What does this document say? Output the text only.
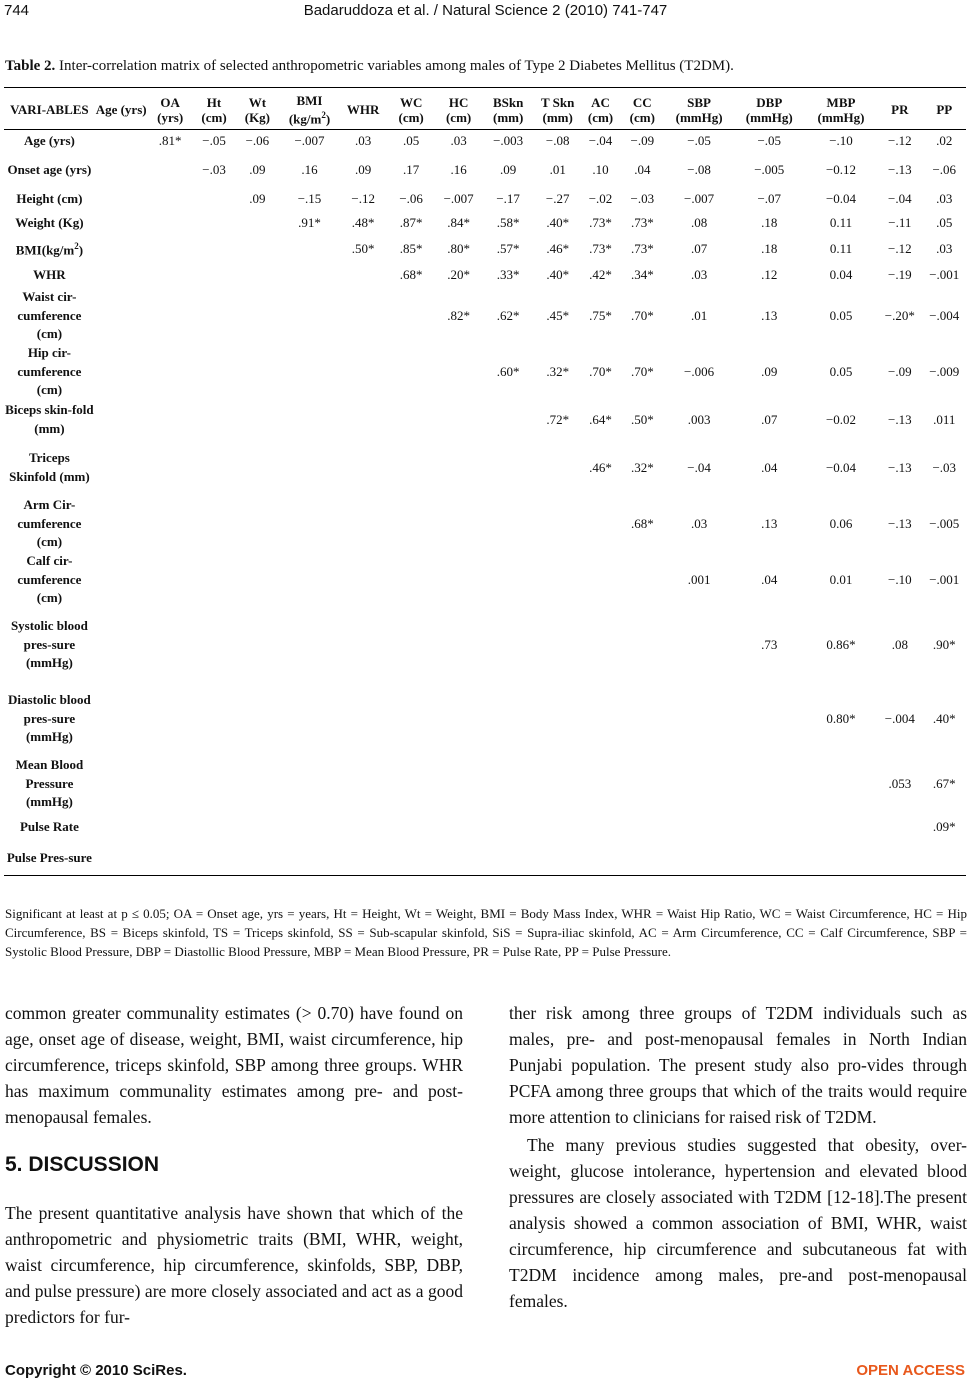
744	Badaruddoza et al. / Natural Science 2 (2010) 741-747
Table 2. Inter-correlation matrix of selected anthropometric variables among males of Type 2 Diabetes Mellitus (T2DM).
VARI-ABLES	Age (yrs)	OA (yrs)	Ht (cm)	Wt (Kg)	BMI $(kg/m^2)$	WHR	WC (cm)	HC (cm)	BSkn (mm)	T Skn (mm)	AC (cm)	CC (cm)	SBP (mmHg)	DBP (mmHg)	MBP (mmHg)	PR	PP
Age (yrs)		.81*	−.05	−.06	−.007	.03	.05	.03	−.003	−.08	−.04	−.09	−.05	−.05	−.10	−.12	.02
Onset age (yrs)			−.03	.09	.16	.09	.17	.16	.09	.01	.10	.04	−.08	−.005	−0.12	−.13	−.06
Height (cm)				.09	−.15	−.12	−.06	−.007	−.17	−.27	−.02	−.03	−.007	−.07	−0.04	−.04	.03
Weight (Kg)					.91*	.48*	.87*	.84*	.58*	.40*	.73*	.73*	.08	.18	0.11	−.11	.05
$BMI(kg/m^2)$						.50*	.85*	.80*	.57*	.46*	.73*	.73*	.07	.18	0.11	−.12	.03
WHR							.68*	.20*	.33*	.40*	.42*	.34*	.03	.12	0.04	−.19	−.001
Waist cir-cumference (cm)								.82*	.62*	.45*	.75*	.70*	.01	.13	0.05	−.20*	−.004
Hip cir-cumference (cm)									.60*	.32*	.70*	.70*	−.006	.09	0.05	−.09	−.009
Biceps skin-fold (mm)										.72*	.64*	.50*	.003	.07	−0.02	−.13	.011
Triceps Skinfold (mm)											.46*	.32*	−.04	.04	−0.04	−.13	−.03
Arm Cir-cumference (cm)												.68*	.03	.13	0.06	−.13	−.005
Calf cir-cumference (cm)													.001	.04	0.01	−.10	−.001
Systolic blood pres-sure (mmHg)														.73	0.86*	.08	.90*
Diastolic blood pres-sure (mmHg)															0.80*	−.004	.40*
Mean Blood Pressure (mmHg)																.053	.67*
Pulse Rate																	.09*
Pulse Pres-sure																	
Significant at least at p ≤ 0.05; OA = Onset age, yrs = years, Ht = Height, Wt = Weight, BMI = Body Mass Index, WHR = Waist Hip Ratio, WC = Waist Circumference, HC = Hip Circumference, BS = Biceps skinfold, TS = Triceps skinfold, SS = Sub-scapular skinfold, SiS = Supra-iliac skinfold, AC = Arm Circumference, CC = Calf Circumference, SBP = Systolic Blood Pressure, DBP = Diastollic Blood Pressure, MBP = Mean Blood Pressure, PR = Pulse Rate, PP = Pulse Pressure.

common greater communality estimates (> 0.70) have found on age, onset age of disease, weight, BMI, waist circumference, hip circumference, triceps skinfold, SBP among three groups. WHR has maximum communality estimates among pre- and post-menopausal females.

5. DISCUSSION

The present quantitative analysis have shown that which of the anthropometric and physiometric traits (BMI, WHR, weight, waist circumference, hip circumference, skinfolds, SBP, DBP, and pulse pressure) are more closely associated and act as a good predictors for fur-

ther risk among three groups of T2DM individuals such as males, pre- and post-menopausal females in North Indian Punjabi population. The present study also pro-vides through PCFA among three groups that which of the traits would require more attention to clinicians for raised risk of T2DM.

The many previous studies suggested that obesity, over-weight, glucose intolerance, hypertension and elevated blood pressures are closely associated with T2DM [12-18].The present analysis showed a common association of BMI, WHR, waist circumference, hip circumference and subcutaneous fat with T2DM incidence among males, pre-and post-menopausal females.

Copyright © 2010 SciRes.	OPEN ACCESS
